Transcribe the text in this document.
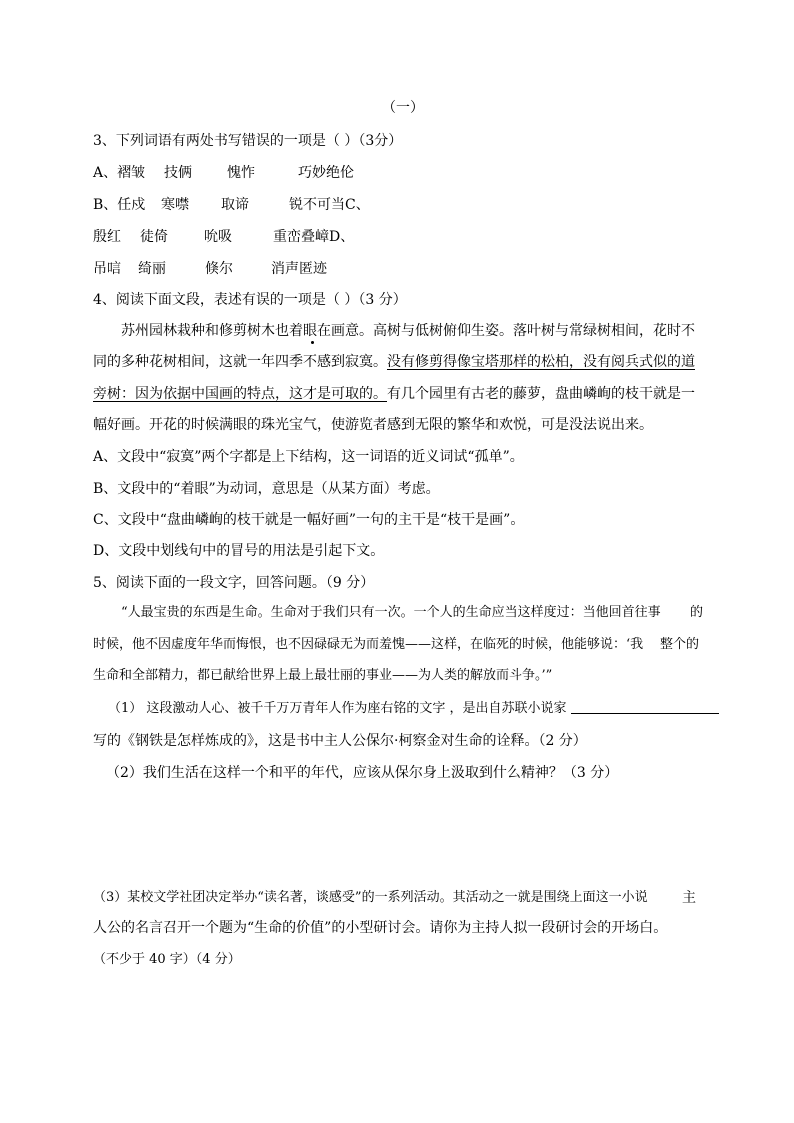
（一）
3、下列词语有两处书写错误的一项是（ ）（3分）
A、褶皱 技俩	愧怍	巧妙绝伦
B、任戍 寒噤 取谛	锐不可当C、
殷红 徒倚	吮吸	重峦叠嶂D、
吊唁 绮丽	倏尔	消声匿迹
4、阅读下面文段，表述有误的一项是（ ）（3 分）
苏州园林栽种和修剪树木也着眼在画意。高树与低树俯仰生姿。落叶树与常绿树相间，花时不
同的多种花树相间，这就一年四季不感到寂寞。没有修剪得像宝塔那样的松柏，没有阅兵式似的道
旁树：因为依据中国画的特点，这才是可取的。有几个园里有古老的藤萝，盘曲嶙峋的枝干就是一
幅好画。开花的时候满眼的珠光宝气，使游览者感到无限的繁华和欢悦，可是没法说出来。
A、文段中“寂寞”两个字都是上下结构，这一词语的近义词试“孤单”。
B、文段中的“着眼”为动词，意思是（从某方面）考虑。
C、文段中“盘曲嶙峋的枝干就是一幅好画”一句的主干是“枝干是画”。
D、文段中划线句中的冒号的用法是引起下文。
5、阅读下面的一段文字，回答问题。（9 分）
“人最宝贵的东西是生命。生命对于我们只有一次。一个人的生命应当这样度过：当他回首往事 的
时候，他不因虚度年华而悔恨，也不因碌碌无为而羞愧——这样，在临死的时候，他能够说：‘我 整个的
生命和全部精力，都已献给世界上最上最壮丽的事业——为人类的解放而斗争。’”
（1） 这段激动人心、被千千万万青年人作为座右铭的文字 ，是出自苏联小说家
写的《钢铁是怎样炼成的》，这是书中主人公保尔·柯察金对生命的诠释。（2 分）
（2）我们生活在这样一个和平的年代，应该从保尔身上汲取到什么精神？（3 分）
（3）某校文学社团决定举办“读名著，谈感受”的一系列活动。其活动之一就是围绕上面这一小说 主
人公的名言召开一个题为“生命的价值”的小型研讨会。请你为主持人拟一段研讨会的开场白。
（不少于 40 字）（4 分）
